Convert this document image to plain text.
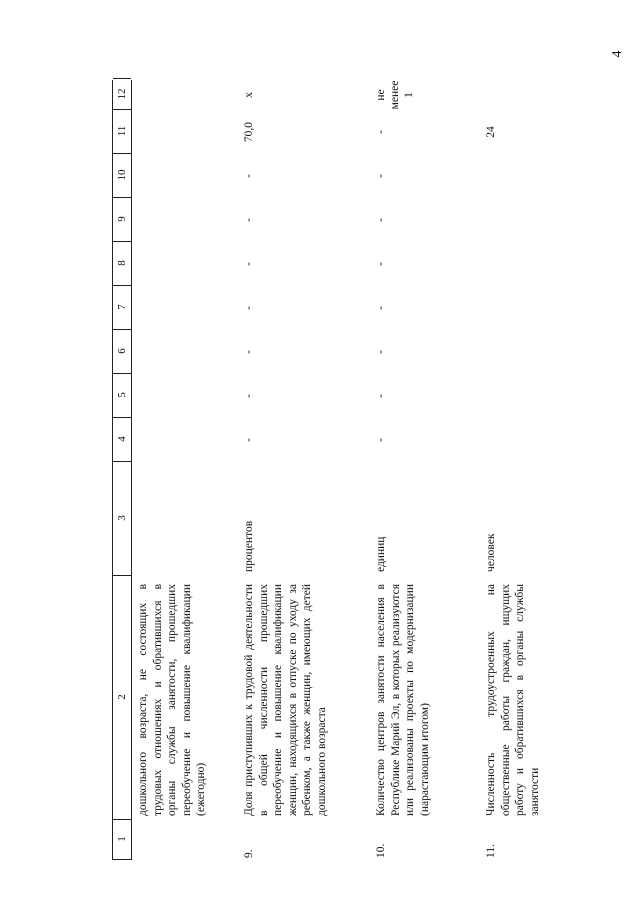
4
1
2
3
4
5
6
7
8
9
10
11
12
дошкольного возраста, не состоящих в трудовых отношениях и обратившихся в органы службы занятости, прошедших переобучение и повышение квалификации (ежегодно)
9.
Доля приступивших к трудовой деятельности в общей численности прошедших переобучение и повышение квалификации женщин, находящихся в отпуске по уходу за ребенком, а также женщин, имеющих детей дошкольного возраста
процентов
-
-
-
-
-
-
-
70,0
x
10.
Количество центров занятости населения в Республике Марий Эл, в которых реализуются или реализованы проекты по модернизации (нарастающим итогом)
единиц
-
-
-
-
-
-
-
-
не менее 1
11.
Численность трудоустроенных на общественные работы граждан, ищущих работу и обратившихся в органы службы занятости
человек
24
